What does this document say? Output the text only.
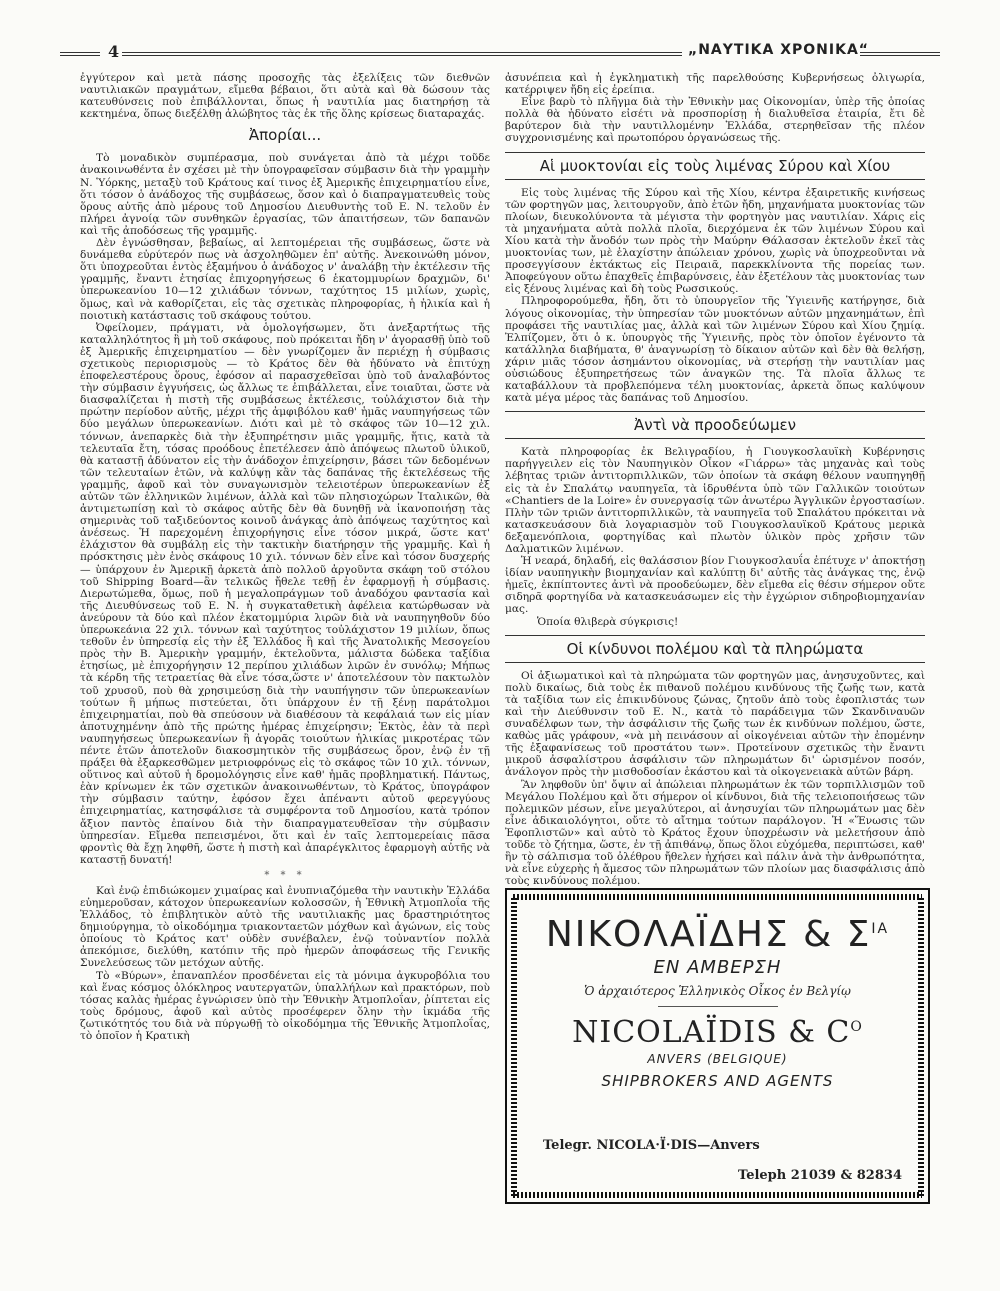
4	„ΝΑΥΤΙΚΑ ΧΡΟΝΙΚΑ“

ἐγγύτερον καὶ μετὰ πάσης προσοχῆς τὰς ἐξελίξεις τῶν διεθνῶν ναυτιλιακῶν πραγμάτων, εἴμεθα βέβαιοι, ὅτι αὐτὰ καὶ θὰ δώσουν τὰς κατευθύνσεις ποὺ ἐπιβάλλονται, ὅπως ἡ ναυτιλία μας διατηρήσῃ τὰ κεκτημένα, ὅπως διεξέλθῃ ἀλώβητος τὰς ἐκ τῆς ὅλης κρίσεως διαταραχάς.

Ἀπορίαι...

Τὸ μοναδικὸν συμπέρασμα, ποὺ συνάγεται ἀπὸ τὰ μέχρι τοῦδε ἀνακοινωθέντα ἐν σχέσει μὲ τὴν ὑπογραφεῖσαν σύμβασιν διὰ τὴν γραμμὴν Ν. Ὑόρκης, μεταξὺ τοῦ Κράτους καί τινος ἐξ Ἀμερικῆς ἐπιχειρηματίου εἶνε, ὅτι τόσον ὁ ἀνάδοχος τῆς συμβάσεως, ὅσον καὶ ὁ διαπραγματευθεὶς τοὺς ὅρους αὐτῆς ἀπὸ μέρους τοῦ Δημοσίου Διευθυντὴς τοῦ Ε. Ν. τελοῦν ἐν πλήρει ἀγνοίᾳ τῶν συνθηκῶν ἐργασίας, τῶν ἀπαιτήσεων, τῶν δαπανῶν καὶ τῆς ἀποδόσεως τῆς γραμμῆς.

Δὲν ἐγνώσθησαν, βεβαίως, αἱ λεπτομέρειαι τῆς συμβάσεως, ὥστε νὰ δυνάμεθα εὐρύτερόν πως νὰ ἀσχοληθῶμεν ἐπ' αὐτῆς. Ἀνεκοινώθη μόνον, ὅτι ὑποχρεοῦται ἐντὸς ἑξαμήνου ὁ ἀνάδοχος ν' ἀναλάβῃ τὴν ἐκτέλεσιν τῆς γραμμῆς, ἔναντι ἐτησίας ἐπιχορηγήσεως 6 ἑκατομμυρίων δραχμῶν, δι' ὑπερωκεανίου 10—12 χιλιάδων τόννων, ταχύτητος 15 μιλίων, χωρὶς, ὅμως, καὶ νὰ καθορίζεται, εἰς τὰς σχετικὰς πληροφορίας, ἡ ἡλικία καὶ ἡ ποιοτικὴ κατάστασις τοῦ σκάφους τούτου.

Ὀφείλομεν, πράγματι, νὰ ὁμολογήσωμεν, ὅτι ἀνεξαρτήτως τῆς καταλληλότητος ἢ μὴ τοῦ σκάφους, ποὺ πρόκειται ἤδη ν' ἀγορασθῇ ὑπὸ τοῦ ἐξ Ἀμερικῆς ἐπιχειρηματίου — δὲν γνωρίζομεν ἂν περιέχῃ ἡ σύμβασις σχετικοὺς περιορισμοὺς — τὸ Κράτος δὲν θὰ ἠδύνατο νὰ ἐπιτύχῃ ἐποφελεστέρους ὅρους, ἐφόσον αἱ παρασχεθεῖσαι ὑπὸ τοῦ ἀναλαβόντος τὴν σύμβασιν ἐγγυήσεις, ὡς ἄλλως τε ἐπιβάλλεται, εἶνε τοιαῦται, ὥστε νὰ διασφαλίζεται ἡ πιστὴ τῆς συμβάσεως ἐκτέλεσις, τοὐλάχιστον διὰ τὴν πρώτην περίοδον αὐτῆς, μέχρι τῆς ἀμφιβόλου καθ' ἡμᾶς ναυπηγήσεως τῶν δύο μεγάλων ὑπερωκεανίων. Διότι καὶ μὲ τὸ σκάφος τῶν 10—12 χιλ. τόννων, ἀνεπαρκὲς διὰ τὴν ἐξυπηρέτησιν μιᾶς γραμμῆς, ἥτις, κατὰ τὰ τελευταῖα ἔτη, τόσας προόδους ἐπετέλεσεν ἀπὸ ἀπόψεως πλωτοῦ ὑλικοῦ, θὰ καταστῇ ἀδύνατον εἰς τὴν ἀνάδοχον ἐπιχείρησιν, βάσει τῶν δεδομένων τῶν τελευταίων ἐτῶν, νὰ καλύψῃ κἂν τὰς δαπάνας τῆς ἐκτελέσεως τῆς γραμμῆς, ἀφοῦ καὶ τὸν συναγωνισμὸν τελειοτέρων ὑπερωκεανίων ἐξ αὐτῶν τῶν ἑλληνικῶν λιμένων, ἀλλὰ καὶ τῶν πλησιοχώρων Ἰταλικῶν, θὰ ἀντιμετωπίσῃ καὶ τὸ σκάφος αὐτῆς δὲν θὰ δυνηθῇ νὰ ἱκανοποιήσῃ τὰς σημερινὰς τοῦ ταξιδεύοντος κοινοῦ ἀνάγκας ἀπὸ ἀπόψεως ταχύτητος καὶ ἀνέσεως. Ἡ παρεχομένη ἐπιχορήγησις εἶνε τόσον μικρά, ὥστε κατ' ἐλάχιστον θὰ συμβάλῃ εἰς τὴν τακτικὴν διατήρησιν τῆς γραμμῆς. Καὶ ἡ πρόσκτησις μὲν ἑνὸς σκάφους 10 χιλ. τόννων δὲν εἶνε καὶ τόσον δυσχερής — ὑπάρχουν ἐν Ἀμερικῇ ἀρκετὰ ἀπὸ πολλοῦ ἀργοῦντα σκάφη τοῦ στόλου τοῦ Shipping Board—ἂν τελικῶς ἤθελε τεθῇ ἐν ἐφαρμογῇ ἡ σύμβασις. Διερωτώμεθα, ὅμως, ποῦ ἡ μεγαλοπράγμων τοῦ ἀναδόχου φαντασία καὶ τῆς Διευθύνσεως τοῦ Ε. Ν. ἡ συγκαταθετικὴ ἀφέλεια κατώρθωσαν νὰ ἀνεύρουν τὰ δύο καὶ πλέον ἑκατομμύρια λιρῶν διὰ νὰ ναυπηγηθοῦν δύο ὑπερωκεάνια 22 χιλ. τόννων καὶ ταχύτητος τοὐλάχιστον 19 μιλίων, ὅπως τεθοῦν ἐν ὑπηρεσίᾳ εἰς τὴν ἐξ Ἑλλάδος ἢ καὶ τῆς Ἀνατολικῆς Μεσογείου πρὸς τὴν Β. Ἀμερικὴν γραμμήν, ἐκτελοῦντα, μάλιστα δώδεκα ταξίδια ἐτησίως, μὲ ἐπιχορήγησιν 12 περίπου χιλιάδων λιρῶν ἐν συνόλῳ; Μήπως τὰ κέρδη τῆς τετραετίας θὰ εἶνε τόσα,ὥστε ν' ἀποτελέσουν τὸν πακτωλὸν τοῦ χρυσοῦ, ποὺ θὰ χρησιμεύσῃ διὰ τὴν ναυπήγησιν τῶν ὑπερωκεανίων τούτων ἢ μήπως πιστεύεται, ὅτι ὑπάρχουν ἐν τῇ ξένῃ παράτολμοι ἐπιχειρηματίαι, ποὺ θὰ σπεύσουν νὰ διαθέσουν τὰ κεφάλαιά των εἰς μίαν ἀποτυχημένην ἀπὸ τῆς πρώτης ἡμέρας ἐπιχείρησιν; Ἐκτὸς, ἐὰν τὰ περὶ ναυπηγήσεως ὑπερωκεανίων ἢ ἀγορᾶς τοιούτων ἡλικίας μικροτέρας τῶν πέντε ἐτῶν ἀποτελοῦν διακοσμητικὸν τῆς συμβάσεως ὅρον, ἐνῷ ἐν τῇ πράξει θὰ ἐξαρκεσθῶμεν μετριοφρόνως εἰς τὸ σκάφος τῶν 10 χιλ. τόννων, οὕτινος καὶ αὐτοῦ ἡ δρομολόγησις εἶνε καθ' ἡμᾶς προβληματική. Πάντως, ἐὰν κρίνωμεν ἐκ τῶν σχετικῶν ἀνακοινωθέντων, τὸ Κράτος, ὑπογράφον τὴν σύμβασιν ταύτην, ἐφόσον ἔχει ἀπέναντι αὐτοῦ φερεγγύους ἐπιχειρηματίας, κατησφάλισε τὰ συμφέροντα τοῦ Δημοσίου, κατὰ τρόπον ἄξιον παντὸς ἐπαίνου διὰ τὴν διαπραγματευθεῖσαν τὴν σύμβασιν ὑπηρεσίαν. Εἴμεθα πεπεισμένοι, ὅτι καὶ ἐν ταῖς λεπτομερείαις πᾶσα φροντὶς θὰ ἔχῃ ληφθῆ, ὥστε ἡ πιστὴ καὶ ἀπαρέγκλιτος ἐφαρμογὴ αὐτῆς νὰ καταστῇ δυνατή!

* * *

Καὶ ἐνῷ ἐπιδιώκομεν χιμαίρας καὶ ἐνυπνιαζόμεθα τὴν ναυτικὴν Ἑλλάδα εὐημεροῦσαν, κάτοχον ὑπερωκεανίων κολοσσῶν, ἡ Ἐθνικὴ Ἀτμοπλοΐα τῆς Ἑλλάδος, τὸ ἐπιβλητικὸν αὐτὸ τῆς ναυτιλιακῆς μας δραστηριότητος δημιούργημα, τὸ οἰκοδόμημα τριακονταετῶν μόχθων καὶ ἀγώνων, εἰς τοὺς ὁποίους τὸ Κράτος κατ' οὐδὲν συνέβαλεν, ἐνῷ τοὐναντίον πολλὰ ἀπεκόμισε, διελύθη, κατόπιν τῆς πρὸ ἡμερῶν ἀποφάσεως τῆς Γενικῆς Συνελεύσεως τῶν μετόχων αὐτῆς.

Τὸ «Βύρων», ἐπαναπλέον προσδένεται εἰς τὰ μόνιμα ἀγκυροβόλια του καὶ ἕνας κόσμος ὁλόκληρος ναυτεργατῶν, ὑπαλλήλων καὶ πρακτόρων, ποὺ τόσας καλὰς ἡμέρας ἐγνώρισεν ὑπὸ τὴν Ἐθνικὴν Ἀτμοπλοΐαν, ῥίπτεται εἰς τοὺς δρόμους, ἀφοῦ καὶ αὐτὸς προσέφερεν ὅλην τὴν ἰκμάδα τῆς ζωτικότητός του διὰ νὰ πύργωθῇ τὸ οἰκοδόμημα τῆς Ἐθνικῆς Ἀτμοπλοΐας, τὸ ὁποῖον ἡ Κρατικὴ

ἀσυνέπεια καὶ ἡ ἐγκληματικὴ τῆς παρελθούσης Κυβερνήσεως ὀλιγωρία, κατέρριψεν ἤδη εἰς ἐρείπια.

Εἶνε βαρὺ τὸ πλῆγμα διὰ τὴν Ἐθνικὴν μας Οἰκονομίαν, ὑπὲρ τῆς ὁποίας πολλὰ θὰ ἠδύνατο εἰσέτι νὰ προσπορίσῃ ἡ διαλυθεῖσα ἑταιρία, ἔτι δὲ βαρύτερον διὰ τὴν ναυτιλλομένην Ἑλλάδα, στερηθεῖσαν τῆς πλέον συγχρονισμένης καὶ πρωτοπόρου ὀργανώσεως τῆς.

Αἱ μυοκτονίαι εἰς τοὺς λιμένας Σύρου καὶ Χίου

Εἰς τοὺς λιμένας τῆς Σύρου καὶ τῆς Χίου, κέντρα ἐξαιρετικῆς κινήσεως τῶν φορτηγῶν μας, λειτουργοῦν, ἀπὸ ἐτῶν ἤδη, μηχανήματα μυοκτονίας τῶν πλοίων, διευκολύνοντα τὰ μέγιστα τὴν φορτηγὸν μας ναυτιλίαν. Χάρις εἰς τὰ μηχανήματα αὐτὰ πολλὰ πλοῖα, διερχόμενα ἐκ τῶν λιμένων Σύρου καὶ Χίου κατὰ τὴν ἄνοδόν των πρὸς τὴν Μαύρην Θάλασσαν ἐκτελοῦν ἐκεῖ τὰς μυοκτονίας των, μὲ ἐλαχίστην ἀπώλειαν χρόνου, χωρὶς νὰ ὑποχρεοῦνται νὰ προσεγγίσουν ἐκτάκτως εἰς Πειραιᾶ, παρεκκλίνοντα τῆς πορείας των. Ἀποφεύγουν οὕτω ἐπαχθεῖς ἐπιβαρύνσεις, ἐὰν ἐξετέλουν τὰς μυοκτονίας των εἰς ξένους λιμένας καὶ δὴ τοὺς Ρωσσικούς.

Πληροφορούμεθα, ἤδη, ὅτι τὸ ὑπουργεῖον τῆς Ὑγιεινῆς κατήργησε, διὰ λόγους οἰκονομίας, τὴν ὑπηρεσίαν τῶν μυοκτόνων αὐτῶν μηχανημάτων, ἐπὶ προφάσει τῆς ναυτιλίας μας, ἀλλὰ καὶ τῶν λιμένων Σύρου καὶ Χίου ζημίᾳ. Ἐλπίζομεν, ὅτι ὁ κ. ὑπουργὸς τῆς Ὑγιεινῆς, πρὸς τὸν ὁποῖον ἐγένοντο τὰ κατάλληλα διαβήματα, θ' ἀναγνωρίσῃ τὸ δίκαιον αὐτῶν καὶ δὲν θὰ θελήσῃ, χάριν μιᾶς τόσον ἀσημάντου οἰκονομίας, νὰ στερήσῃ τὴν ναυτιλίαν μας οὐσιώδους ἐξυπηρετήσεως τῶν ἀναγκῶν της. Τὰ πλοῖα ἄλλως τε καταβάλλουν τὰ προβλεπόμενα τέλη μυοκτονίας, ἀρκετὰ ὅπως καλύψουν κατὰ μέγα μέρος τὰς δαπάνας τοῦ Δημοσίου.

Ἀντὶ νὰ προοδεύωμεν

Κατὰ πληροφορίας ἐκ Βελιγραδίου, ἡ Γιουγκοσλαυϊκὴ Κυβέρνησις παρήγγειλεν εἰς τὸν Ναυπηγικὸν Οἶκον «Γιάρρω» τὰς μηχανὰς καὶ τοὺς λέβητας τριῶν ἀντιτορπιλλικῶν, τῶν ὁποίων τὰ σκάφη θέλουν ναυπηγηθῇ εἰς τὰ ἐν Σπαλάτῳ ναυπηγεῖα, τὰ ἱδρυθέντα ὑπὸ τῶν Γαλλικῶν τοιούτων «Chantiers de la Loire» ἐν συνεργασίᾳ τῶν ἀνωτέρω Ἀγγλικῶν ἐργοστασίων. Πλὴν τῶν τριῶν ἀντιτορπιλλικῶν, τὰ ναυπηγεῖα τοῦ Σπαλάτου πρόκειται νὰ κατασκευάσουν διὰ λογαριασμὸν τοῦ Γιουγκοσλαυϊκοῦ Κράτους μερικὰ δεξαμενόπλοια, φορτηγίδας καὶ πλωτὸν ὑλικὸν πρὸς χρῆσιν τῶν Δαλματικῶν λιμένων.

Ἡ νεαρά, δηλαδή, εἰς θαλάσσιον βίον Γιουγκοσλαυΐα ἐπέτυχε ν' ἀποκτήσῃ ἰδίαν ναυπηγικὴν βιομηχανίαν καὶ καλύπτῃ δι' αὐτῆς τὰς ἀνάγκας της, ἐνῷ ἡμεῖς, ἐκπίπτοντες ἀντὶ νὰ προοδεύωμεν, δὲν εἴμεθα εἰς θέσιν σήμερον οὔτε σιδηρᾶ φορτηγίδα νὰ κατασκευάσωμεν εἰς τὴν ἐγχώριον σιδηροβιομηχανίαν μας.

Ὁποία θλιβερὰ σύγκρισις!

Οἱ κίνδυνοι πολέμου καὶ τὰ πληρώματα

Οἱ ἀξιωματικοὶ καὶ τὰ πληρώματα τῶν φορτηγῶν μας, ἀνησυχοῦντες, καὶ πολὺ δικαίως, διὰ τοὺς ἐκ πιθανοῦ πολέμου κινδύνους τῆς ζωῆς των, κατὰ τὰ ταξίδια των εἰς ἐπικινδύνους ζώνας, ζητοῦν ἀπὸ τοὺς ἐφοπλιστάς των καὶ τὴν Διεύθυνσιν τοῦ Ε. Ν., κατὰ τὸ παράδειγμα τῶν Σκανδιναυῶν συναδέλφων των, τὴν ἀσφάλισιν τῆς ζωῆς των ἐκ κινδύνων πολέμου, ὥστε, καθὼς μᾶς γράφουν, «νὰ μὴ πεινάσουν αἱ οἰκογένειαι αὐτῶν τὴν ἐπομένην τῆς ἐξαφανίσεως τοῦ προστάτου των». Προτείνουν σχετικῶς τὴν ἔναντι μικροῦ ἀσφαλίστρου ἀσφάλισιν τῶν πληρωμάτων δι' ὡρισμένον ποσόν, ἀνάλογον πρὸς τὴν μισθοδοσίαν ἑκάστου καὶ τὰ οἰκογενειακὰ αὐτῶν βάρη.

Ἂν ληφθοῦν ὑπ' ὄψιν αἱ ἀπώλειαι πληρωμάτων ἐκ τῶν τορπιλλισμῶν τοῦ Μεγάλου Πολέμου καὶ ὅτι σήμερον οἱ κίνδυνοι, διὰ τῆς τελειοποιήσεως τῶν πολεμικῶν μέσων, εἶνε μεγαλύτεροι, αἱ ἀνησυχίαι τῶν πληρωμάτων μας δὲν εἶνε ἀδικαιολόγητοι, οὔτε τὸ αἴτημα τούτων παράλογον. Ἡ «Ἕνωσις τῶν Ἐφοπλιστῶν» καὶ αὐτὸ τὸ Κράτος ἔχουν ὑποχρέωσιν νὰ μελετήσουν ἀπὸ τοῦδε τὸ ζήτημα, ὥστε, ἐν τῇ ἀπιθάνῳ, ὅπως ὅλοι εὐχόμεθα, περιπτώσει, καθ' ἣν τὸ σάλπισμα τοῦ ὀλέθρου ἤθελεν ἠχήσει καὶ πάλιν ἀνὰ τὴν ἀνθρωπότητα, νὰ εἶνε εὐχερὴς ἡ ἄμεσος τῶν πληρωμάτων τῶν πλοίων μας διασφάλισις ἀπὸ τοὺς κινδύνους πολέμου.

ΝΙΚΟΛΑΪΔΗΣ & $\Sigma^{IA}$
ΕΝ ΑΜΒΕΡΣΗ
Ὁ ἀρχαιότερος Ἑλληνικὸς Οἶκος ἐν Βελγίῳ
NICOLAÏDIS & $C^O$
ANVERS (BELGIQUE)
SHIPBROKERS AND AGENTS
Telegr. NICOLA·Ï·DIS—Anvers
Teleph 21039 & 82834
